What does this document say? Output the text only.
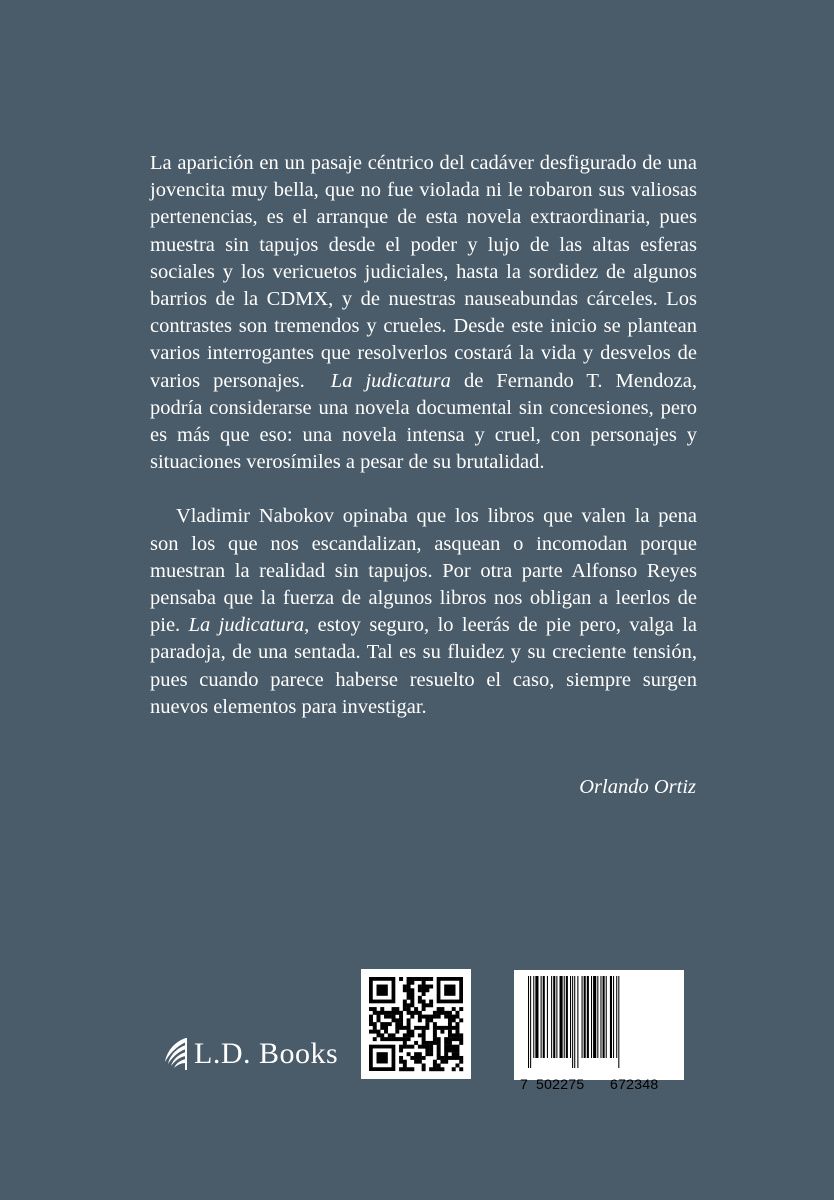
La aparición en un pasaje céntrico del cadáver desfigurado de una jovencita muy bella, que no fue violada ni le robaron sus valiosas pertenencias, es el arranque de esta novela extraordinaria, pues muestra sin tapujos desde el poder y lujo de las altas esferas sociales y los vericuetos judiciales, hasta la sordidez de algunos barrios de la CDMX, y de nuestras nauseabundas cárceles. Los contrastes son tremendos y crueles. Desde este inicio se plantean varios interrogantes que resolverlos costará la vida y desvelos de varios personajes. La judicatura de Fernando T. Mendoza, podría considerarse una novela documental sin concesiones, pero es más que eso: una novela intensa y cruel, con personajes y situaciones verosímiles a pesar de su brutalidad.

Vladimir Nabokov opinaba que los libros que valen la pena son los que nos escandalizan, asquean o incomodan porque muestran la realidad sin tapujos. Por otra parte Alfonso Reyes pensaba que la fuerza de algunos libros nos obligan a leerlos de pie. La judicatura, estoy seguro, lo leerás de pie pero, valga la paradoja, de una sentada. Tal es su fluidez y su creciente tensión, pues cuando parece haberse resuelto el caso, siempre surgen nuevos elementos para investigar.

Orlando Ortiz
L.D. Books
7 502275 672348
